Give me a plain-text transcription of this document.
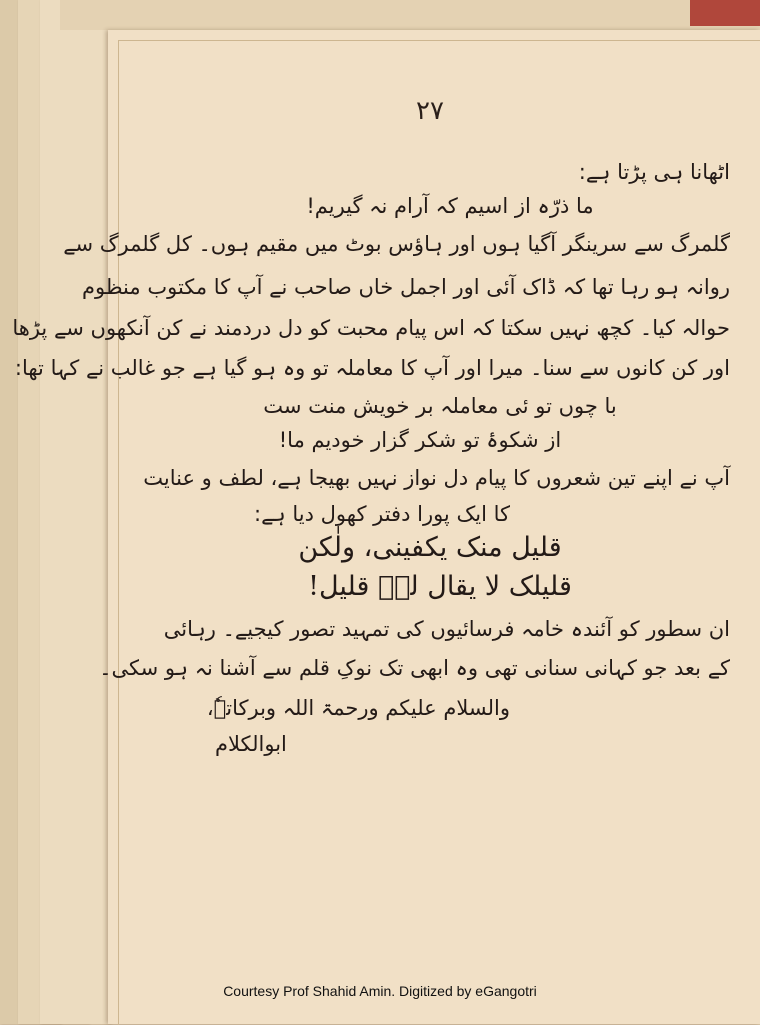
۲۷
اٹھانا ہی پڑتا ہے:
ما ذرّہ از اسیم کہ آرام نہ گیریم!
گلمرگ سے سرینگر آگیا ہوں اور ہاؤس بوٹ میں مقیم ہوں۔ کل گلمرگ سے
روانہ ہو رہا تھا کہ ڈاک آئی اور اجمل خاں صاحب نے آپ کا مکتوب منظوم
حوالہ کیا۔ کچھ نہیں سکتا کہ اس پیام محبت کو دل دردمند نے کن آنکھوں سے پڑھا
اور کن کانوں سے سنا۔ میرا اور آپ کا معاملہ تو وہ ہو گیا ہے جو غالب نے کہا تھا:
با چوں تو ئی معاملہ بر خویش منت ست
از شکوۂ تو شکر گزار خودیم ما!
آپ نے اپنے تین شعروں کا پیام دل نواز نہیں بھیجا ہے، لطف و عنایت
کا ایک پورا دفتر کھول دیا ہے:
قلیل منک یکفینی، ولٰکن
قلیلک لا یقال لہٗ قلیل!
ان سطور کو آئندہ خامہ فرسائیوں کی تمہید تصور کیجیے۔ رہائی
کے بعد جو کہانی سنانی تھی وہ ابھی تک نوکِ قلم سے آشنا نہ ہو سکی۔
والسلام علیکم ورحمۃ اللہ وبرکاتہٗ،
ابوالکلام
Courtesy Prof Shahid Amin. Digitized by eGangotri
